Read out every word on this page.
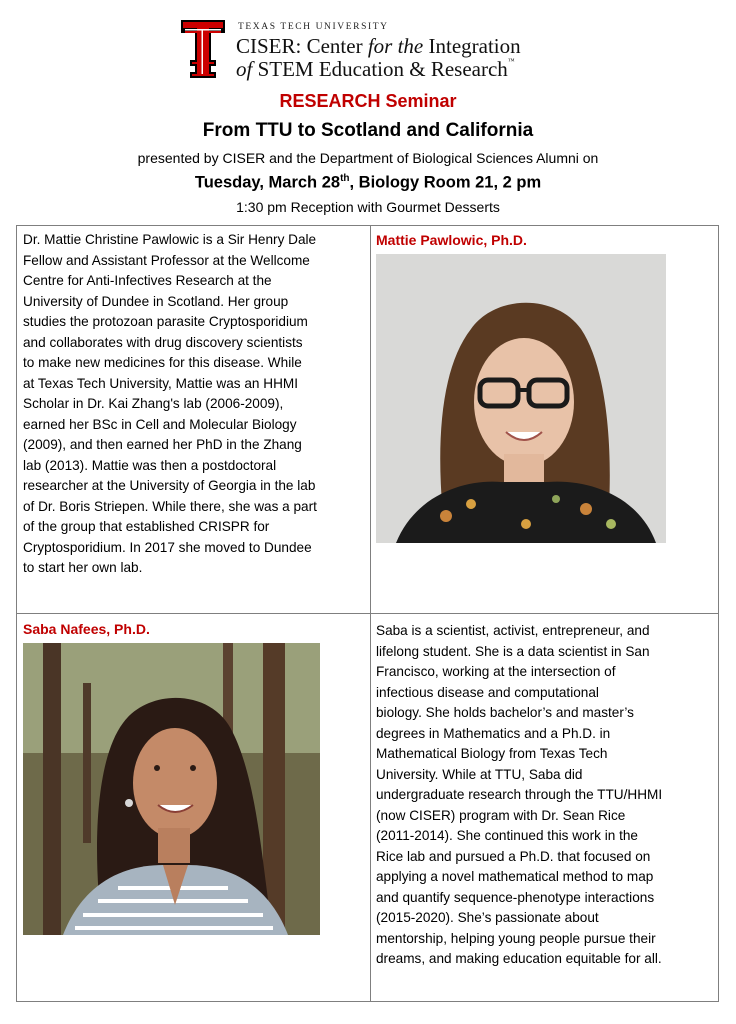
TEXAS TECH UNIVERSITY
CISER: Center for the Integration
of STEM Education & Research™
RESEARCH Seminar
From TTU to Scotland and California
presented by CISER and the Department of Biological Sciences Alumni on
Tuesday, March 28th, Biology Room 21, 2 pm
1:30 pm Reception with Gourmet Desserts
Dr. Mattie Christine Pawlowic is a Sir Henry Dale
Fellow and Assistant Professor at the Wellcome
Centre for Anti-Infectives Research at the
University of Dundee in Scotland. Her group
studies the protozoan parasite Cryptosporidium
and collaborates with drug discovery scientists
to make new medicines for this disease. While
at Texas Tech University, Mattie was an HHMI
Scholar in Dr. Kai Zhang's lab (2006-2009),
earned her BSc in Cell and Molecular Biology
(2009), and then earned her PhD in the Zhang
lab (2013). Mattie was then a postdoctoral
researcher at the University of Georgia in the lab
of Dr. Boris Striepen. While there, she was a part
of the group that established CRISPR for
Cryptosporidium. In 2017 she moved to Dundee
to start her own lab.
Mattie Pawlowic, Ph.D.
Saba Nafees, Ph.D.	Saba is a scientist, activist, entrepreneur, and
lifelong student. She is a data scientist in San
Francisco, working at the intersection of
infectious disease and computational
biology. She holds bachelor’s and master’s
degrees in Mathematics and a Ph.D. in
Mathematical Biology from Texas Tech
University. While at TTU, Saba did
undergraduate research through the TTU/HHMI
(now CISER) program with Dr. Sean Rice
(2011-2014). She continued this work in the
Rice lab and pursued a Ph.D. that focused on
applying a novel mathematical method to map
and quantify sequence-phenotype interactions
(2015-2020). She’s passionate about
mentorship, helping young people pursue their
dreams, and making education equitable for all.
